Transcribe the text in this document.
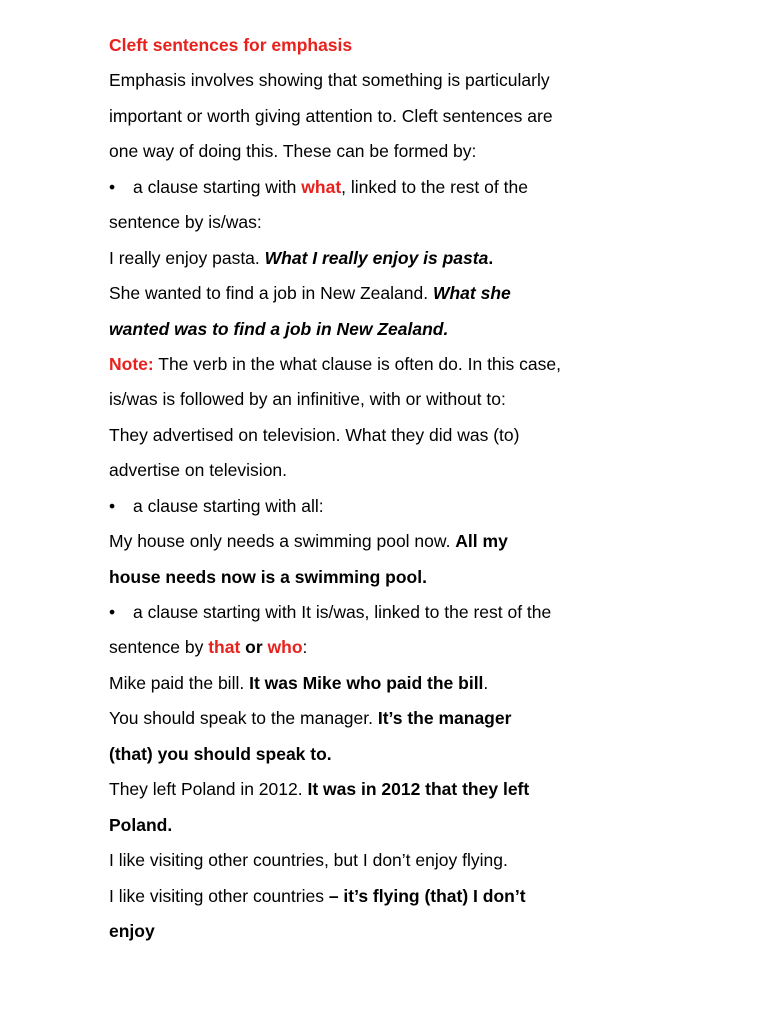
Cleft sentences for emphasis
Emphasis involves showing that something is particularly
important or worth giving attention to. Cleft sentences are
one way of doing this. These can be formed by:
• a clause starting with what, linked to the rest of the
sentence by is/was:
I really enjoy pasta. What I really enjoy is pasta.
She wanted to find a job in New Zealand. What she
wanted was to find a job in New Zealand.
Note: The verb in the what clause is often do. In this case,
is/was is followed by an infinitive, with or without to:
They advertised on television. What they did was (to)
advertise on television.
• a clause starting with all:
My house only needs a swimming pool now. All my
house needs now is a swimming pool.
• a clause starting with It is/was, linked to the rest of the
sentence by that or who:
Mike paid the bill. It was Mike who paid the bill.
You should speak to the manager. It’s the manager
(that) you should speak to.
They left Poland in 2012. It was in 2012 that they left
Poland.
I like visiting other countries, but I don’t enjoy flying.
I like visiting other countries – it’s flying (that) I don’t
enjoy
